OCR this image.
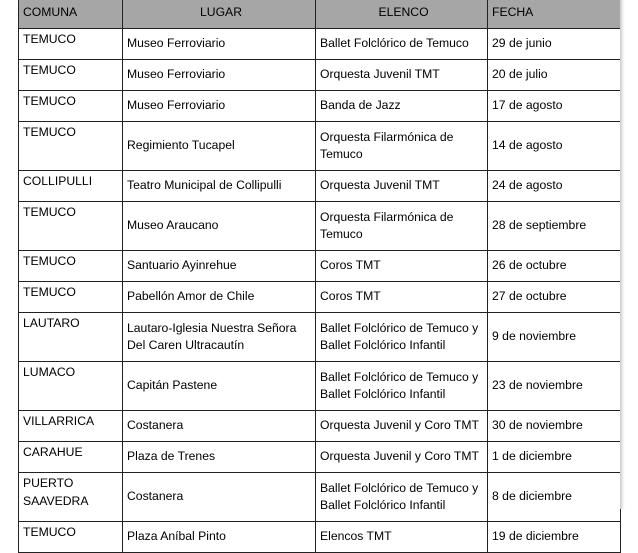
COMUNA	LUGAR	ELENCO	FECHA
TEMUCO	Museo Ferroviario	Ballet Folclórico de Temuco	29 de junio
TEMUCO	Museo Ferroviario	Orquesta Juvenil TMT	20 de julio
TEMUCO	Museo Ferroviario	Banda de Jazz	17 de agosto
TEMUCO	Regimiento Tucapel	Orquesta Filarmónica de Temuco	14 de agosto
COLLIPULLI	Teatro Municipal de Collipulli	Orquesta Juvenil TMT	24 de agosto
TEMUCO	Museo Araucano	Orquesta Filarmónica de Temuco	28 de septiembre
TEMUCO	Santuario Ayinrehue	Coros TMT	26 de octubre
TEMUCO	Pabellón Amor de Chile	Coros TMT	27 de octubre
LAUTARO	Lautaro-Iglesia Nuestra Señora Del Caren Ultracautín	Ballet Folclórico de Temuco y Ballet Folclórico Infantil	9 de noviembre
LUMACO	Capitán Pastene	Ballet Folclórico de Temuco y Ballet Folclórico Infantil	23 de noviembre
VILLARRICA	Costanera	Orquesta Juvenil y Coro TMT	30 de noviembre
CARAHUE	Plaza de Trenes	Orquesta Juvenil y Coro TMT	1 de diciembre
PUERTO SAAVEDRA	Costanera	Ballet Folclórico de Temuco y Ballet Folclórico Infantil	8 de diciembre
TEMUCO	Plaza Aníbal Pinto	Elencos TMT	19 de diciembre
